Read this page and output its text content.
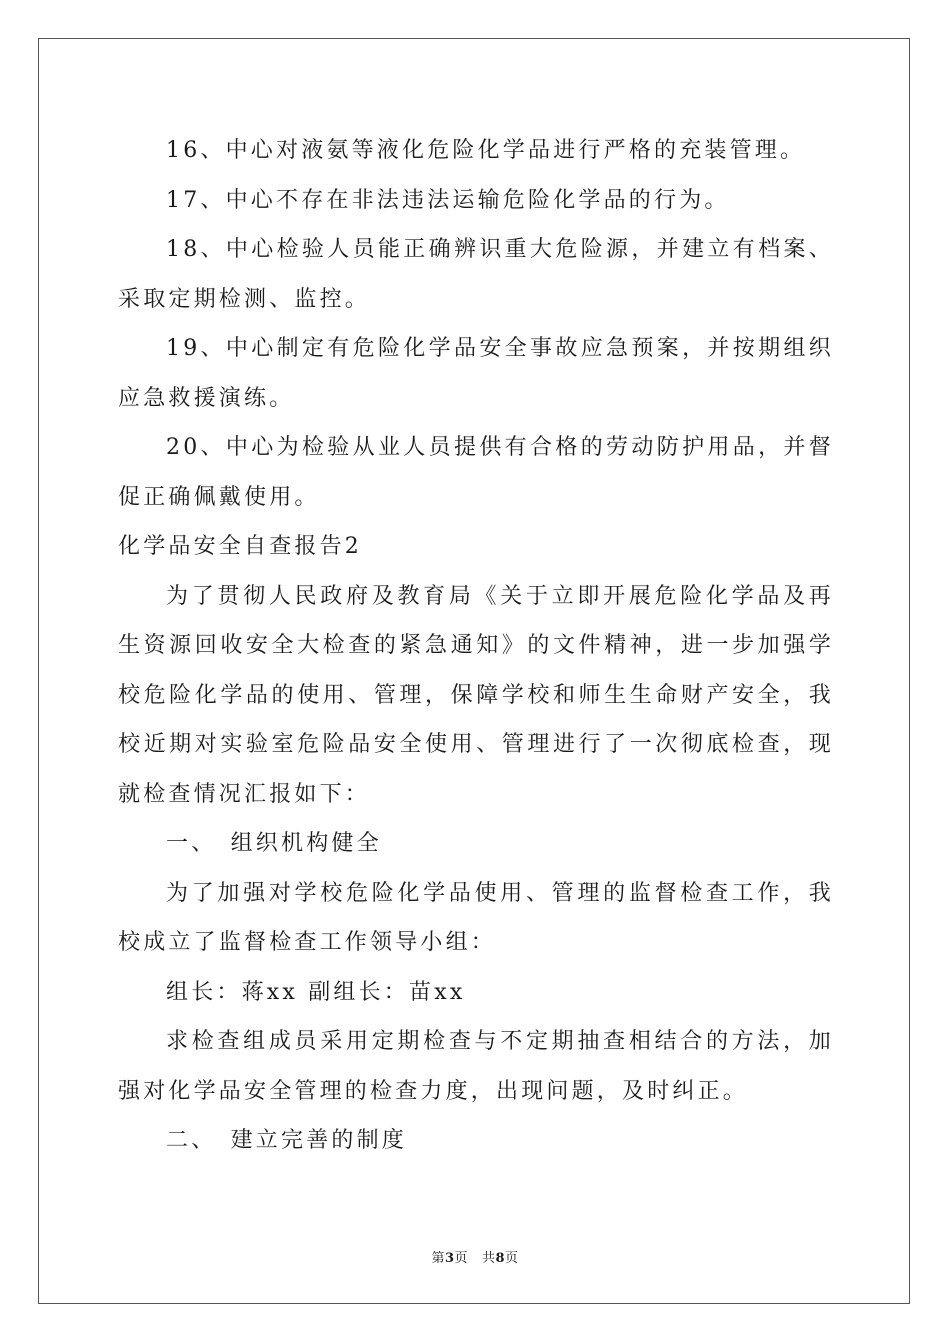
16、中心对液氨等液化危险化学品进行严格的充装管理。

17、中心不存在非法违法运输危险化学品的行为。

18、中心检验人员能正确辨识重大危险源，并建立有档案、采取定期检测、监控。

19、中心制定有危险化学品安全事故应急预案，并按期组织应急救援演练。

20、中心为检验从业人员提供有合格的劳动防护用品，并督促正确佩戴使用。

化学品安全自查报告2

为了贯彻人民政府及教育局《关于立即开展危险化学品及再生资源回收安全大检查的紧急通知》的文件精神，进一步加强学校危险化学品的使用、管理，保障学校和师生生命财产安全，我校近期对实验室危险品安全使用、管理进行了一次彻底检查，现就检查情况汇报如下：

一、　组织机构健全

为了加强对学校危险化学品使用、管理的监督检查工作，我校成立了监督检查工作领导小组：

组长：蒋xx 副组长：苗xx

求检查组成员采用定期检查与不定期抽查相结合的方法，加强对化学品安全管理的检查力度，出现问题，及时纠正。

二、　建立完善的制度

第3页 共8页
